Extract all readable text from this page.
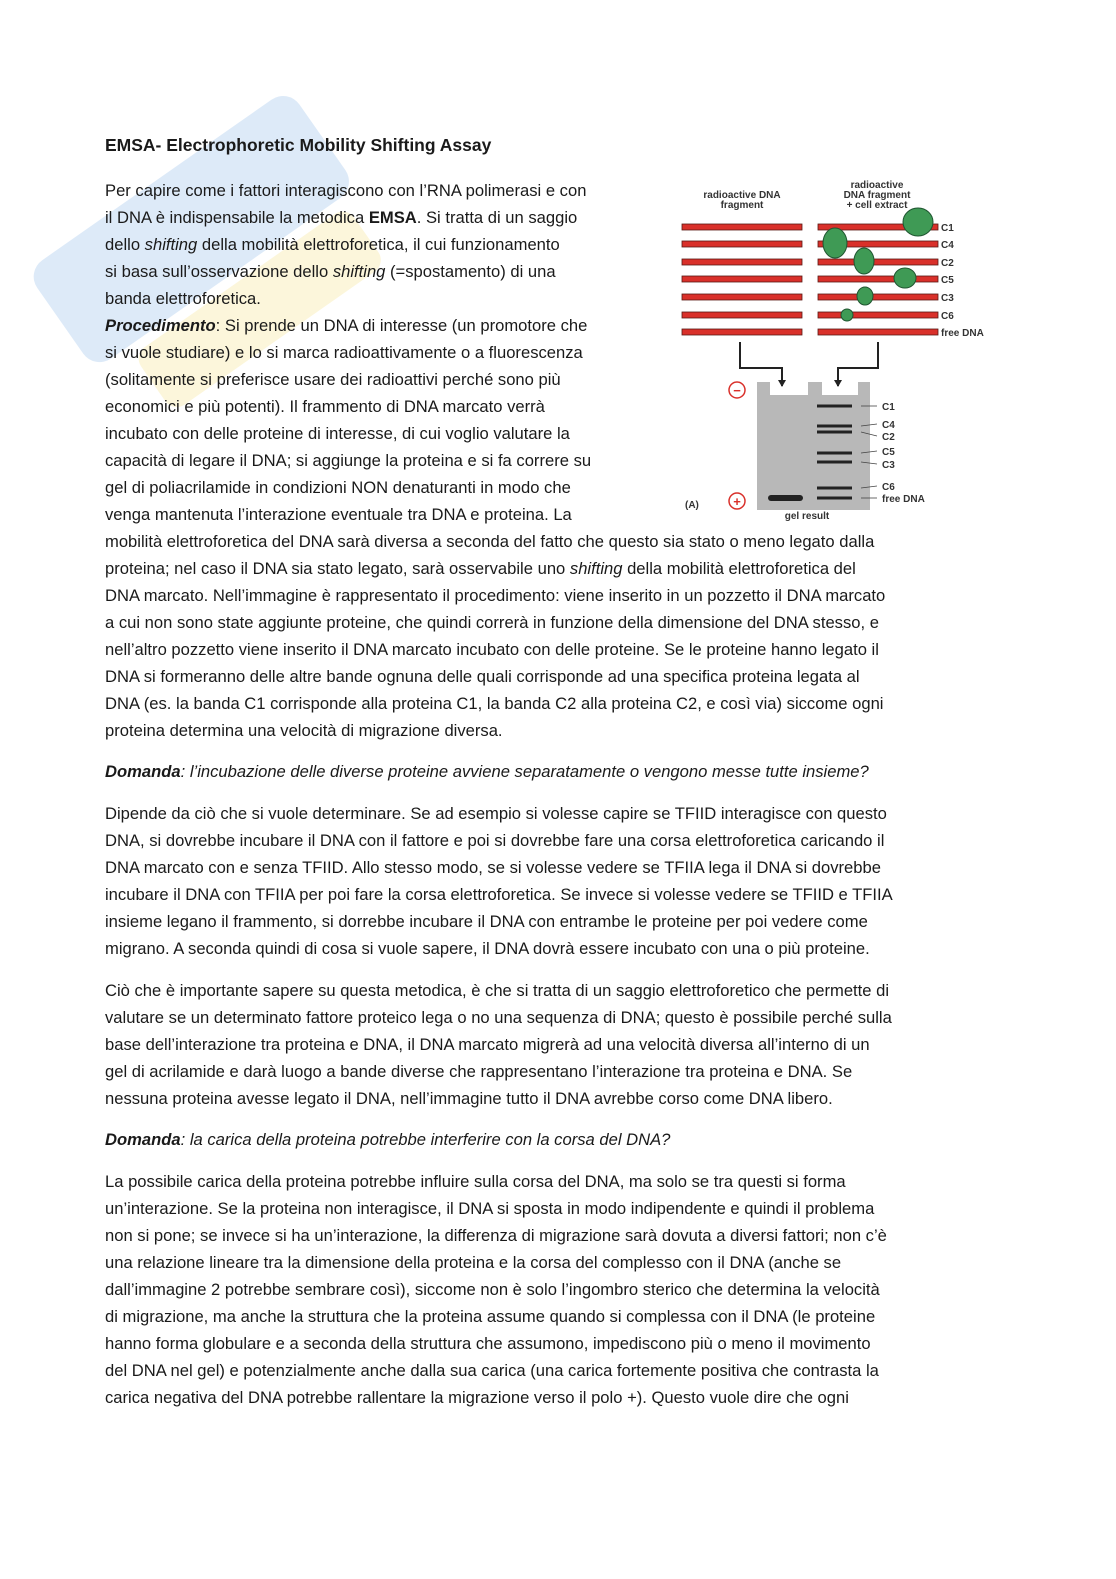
EMSA- Electrophoretic Mobility Shifting Assay
Per capire come i fattori interagiscono con l’RNA polimerasi e con
il DNA è indispensabile la metodica EMSA. Si tratta di un saggio
dello shifting della mobilità elettroforetica, il cui funzionamento
si basa sull’osservazione dello shifting (=spostamento) di una
banda elettroforetica.
Procedimento: Si prende un DNA di interesse (un promotore che
si vuole studiare) e lo si marca radioattivamente o a fluorescenza
(solitamente si preferisce usare dei radioattivi perché sono più
economici e più potenti). Il frammento di DNA marcato verrà
incubato con delle proteine di interesse, di cui voglio valutare la
capacità di legare il DNA; si aggiunge la proteina e si fa correre su
gel di poliacrilamide in condizioni NON denaturanti in modo che
venga mantenuta l’interazione eventuale tra DNA e proteina. La
mobilità elettroforetica del DNA sarà diversa a seconda del fatto che questo sia stato o meno legato dalla
proteina; nel caso il DNA sia stato legato, sarà osservabile uno shifting della mobilità elettroforetica del
DNA marcato. Nell’immagine è rappresentato il procedimento: viene inserito in un pozzetto il DNA marcato
a cui non sono state aggiunte proteine, che quindi correrà in funzione della dimensione del DNA stesso, e
nell’altro pozzetto viene inserito il DNA marcato incubato con delle proteine. Se le proteine hanno legato il
DNA si formeranno delle altre bande ognuna delle quali corrisponde ad una specifica proteina legata al
DNA (es. la banda C1 corrisponde alla proteina C1, la banda C2 alla proteina C2, e così via) siccome ogni
proteina determina una velocità di migrazione diversa.
Domanda: l’incubazione delle diverse proteine avviene separatamente o vengono messe tutte insieme?
Dipende da ciò che si vuole determinare. Se ad esempio si volesse capire se TFIID interagisce con questo
DNA, si dovrebbe incubare il DNA con il fattore e poi si dovrebbe fare una corsa elettroforetica caricando il
DNA marcato con e senza TFIID. Allo stesso modo, se si volesse vedere se TFIIA lega il DNA si dovrebbe
incubare il DNA con TFIIA per poi fare la corsa elettroforetica. Se invece si volesse vedere se TFIID e TFIIA
insieme legano il frammento, si dorrebbe incubare il DNA con entrambe le proteine per poi vedere come
migrano. A seconda quindi di cosa si vuole sapere, il DNA dovrà essere incubato con una o più proteine.
Ciò che è importante sapere su questa metodica, è che si tratta di un saggio elettroforetico che permette di
valutare se un determinato fattore proteico lega o no una sequenza di DNA; questo è possibile perché sulla
base dell’interazione tra proteina e DNA, il DNA marcato migrerà ad una velocità diversa all’interno di un
gel di acrilamide e darà luogo a bande diverse che rappresentano l’interazione tra proteina e DNA. Se
nessuna proteina avesse legato il DNA, nell’immagine tutto il DNA avrebbe corso come DNA libero.
Domanda: la carica della proteina potrebbe interferire con la corsa del DNA?
La possibile carica della proteina potrebbe influire sulla corsa del DNA, ma solo se tra questi si forma
un’interazione. Se la proteina non interagisce, il DNA si sposta in modo indipendente e quindi il problema
non si pone; se invece si ha un’interazione, la differenza di migrazione sarà dovuta a diversi fattori; non c’è
una relazione lineare tra la dimensione della proteina e la corsa del complesso con il DNA (anche se
dall’immagine 2 potrebbe sembrare così), siccome non è solo l’ingombro sterico che determina la velocità
di migrazione, ma anche la struttura che la proteina assume quando si complessa con il DNA (le proteine
hanno forma globulare e a seconda della struttura che assumono, impediscono più o meno il movimento
del DNA nel gel) e potenzialmente anche dalla sua carica (una carica fortemente positiva che contrasta la
carica negativa del DNA potrebbe rallentare la migrazione verso il polo +). Questo vuole dire che ogni
radioactive DNA
fragment
radioactive
DNA fragment
+ cell extract
C1
C4
C2
C5
C3
C6
free DNA
C1
C4
C2
C5
C3
C6
free DNA
−
+
(A)
gel result
